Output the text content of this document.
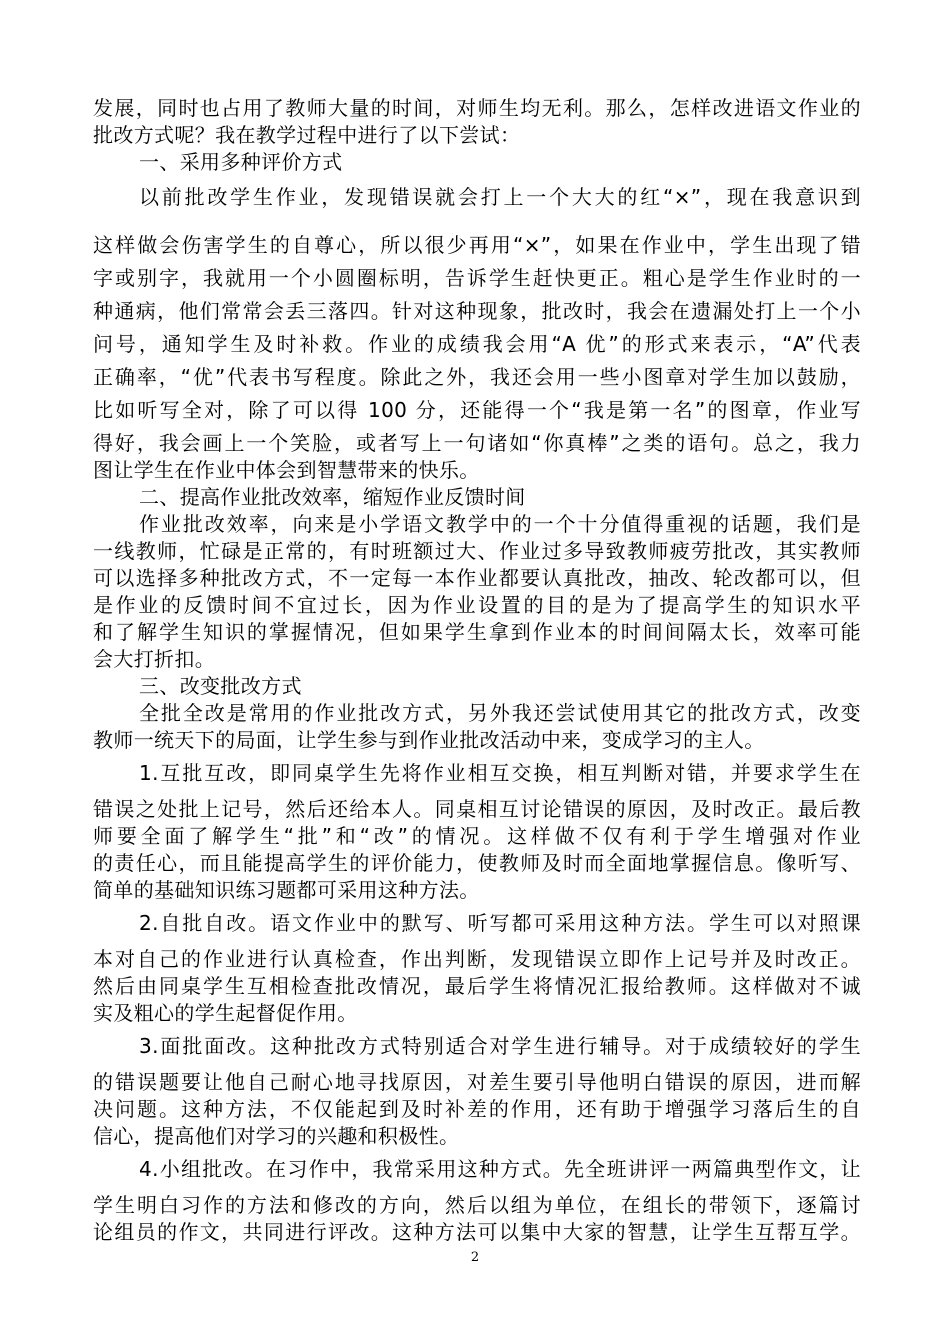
发展，同时也占用了教师大量的时间，对师生均无利。那么，怎样改进语文作业的
批改方式呢？我在教学过程中进行了以下尝试：
一、采用多种评价方式
以前批改学生作业，发现错误就会打上一个大大的红“×”，现在我意识到
这样做会伤害学生的自尊心，所以很少再用“×”，如果在作业中，学生出现了错
字或别字，我就用一个小圆圈标明，告诉学生赶快更正。粗心是学生作业时的一
种通病，他们常常会丢三落四。针对这种现象，批改时，我会在遗漏处打上一个小
问号，通知学生及时补救。作业的成绩我会用“A 优”的形式来表示，“A”代表
正确率，“优”代表书写程度。除此之外，我还会用一些小图章对学生加以鼓励，
比如听写全对，除了可以得 100 分，还能得一个“我是第一名”的图章，作业写
得好，我会画上一个笑脸，或者写上一句诸如“你真棒”之类的语句。总之，我力
图让学生在作业中体会到智慧带来的快乐。
二、提高作业批改效率，缩短作业反馈时间
作业批改效率，向来是小学语文教学中的一个十分值得重视的话题，我们是
一线教师，忙碌是正常的，有时班额过大、作业过多导致教师疲劳批改，其实教师
可以选择多种批改方式，不一定每一本作业都要认真批改，抽改、轮改都可以，但
是作业的反馈时间不宜过长，因为作业设置的目的是为了提高学生的知识水平
和了解学生知识的掌握情况，但如果学生拿到作业本的时间间隔太长，效率可能
会大打折扣。
三、改变批改方式
全批全改是常用的作业批改方式，另外我还尝试使用其它的批改方式，改变
教师一统天下的局面，让学生参与到作业批改活动中来，变成学习的主人。
1.互批互改，即同桌学生先将作业相互交换，相互判断对错，并要求学生在
错误之处批上记号，然后还给本人。同桌相互讨论错误的原因，及时改正。最后教
师要全面了解学生“批”和“改”的情况。这样做不仅有利于学生增强对作业
的责任心，而且能提高学生的评价能力，使教师及时而全面地掌握信息。像听写、
简单的基础知识练习题都可采用这种方法。
2.自批自改。语文作业中的默写、听写都可采用这种方法。学生可以对照课
本对自己的作业进行认真检查，作出判断，发现错误立即作上记号并及时改正。
然后由同桌学生互相检查批改情况，最后学生将情况汇报给教师。这样做对不诚
实及粗心的学生起督促作用。
3.面批面改。这种批改方式特别适合对学生进行辅导。对于成绩较好的学生
的错误题要让他自己耐心地寻找原因，对差生要引导他明白错误的原因，进而解
决问题。这种方法，不仅能起到及时补差的作用，还有助于增强学习落后生的自
信心，提高他们对学习的兴趣和积极性。
4.小组批改。在习作中，我常采用这种方式。先全班讲评一两篇典型作文，让
学生明白习作的方法和修改的方向，然后以组为单位，在组长的带领下，逐篇讨
论组员的作文，共同进行评改。这种方法可以集中大家的智慧，让学生互帮互学。
2
